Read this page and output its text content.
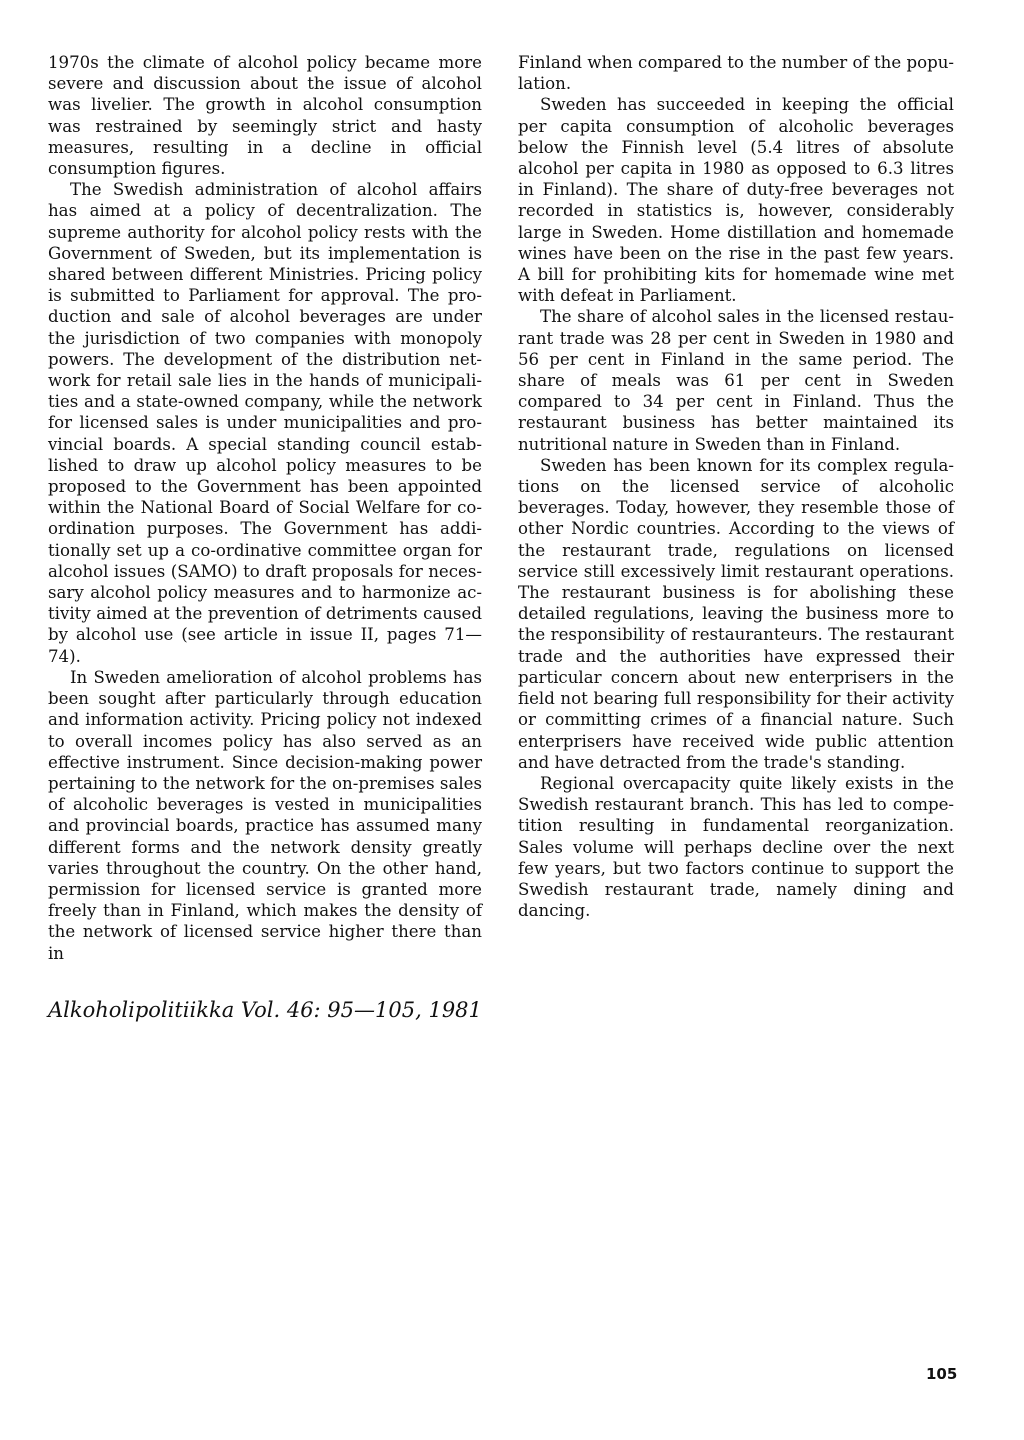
1970s the climate of alcohol policy became more severe and discussion about the issue of alcohol was livelier. The growth in alcohol consumption was restrained by seemingly strict and hasty measures, resulting in a decline in official consumption figures.

The Swedish administration of alcohol affairs has aimed at a policy of decentralization. The supreme authority for alcohol policy rests with the Government of Sweden, but its implementation is shared between different Ministries. Pricing policy is submitted to Parliament for approval. The production and sale of alcohol beverages are under the jurisdiction of two companies with monopoly powers. The development of the distribution network for retail sale lies in the hands of municipalities and a state-owned company, while the network for licensed sales is under municipalities and provincial boards. A special standing council established to draw up alcohol policy measures to be proposed to the Government has been appointed within the National Board of Social Welfare for coordination purposes. The Government has additionally set up a co-ordinative committee organ for alcohol issues (SAMO) to draft proposals for necessary alcohol policy measures and to harmonize activity aimed at the prevention of detriments caused by alcohol use (see article in issue II, pages 71—74).

In Sweden amelioration of alcohol problems has been sought after particularly through education and information activity. Pricing policy not indexed to overall incomes policy has also served as an effective instrument. Since decision-making power pertaining to the network for the on-premises sales of alcoholic beverages is vested in municipalities and provincial boards, practice has assumed many different forms and the network density greatly varies throughout the country. On the other hand, permission for licensed service is granted more freely than in Finland, which makes the density of the network of licensed service higher there than in

Finland when compared to the number of the population.

Sweden has succeeded in keeping the official per capita consumption of alcoholic beverages below the Finnish level (5.4 litres of absolute alcohol per capita in 1980 as opposed to 6.3 litres in Finland). The share of duty-free beverages not recorded in statistics is, however, considerably large in Sweden. Home distillation and homemade wines have been on the rise in the past few years. A bill for prohibiting kits for homemade wine met with defeat in Parliament.

The share of alcohol sales in the licensed restaurant trade was 28 per cent in Sweden in 1980 and 56 per cent in Finland in the same period. The share of meals was 61 per cent in Sweden compared to 34 per cent in Finland. Thus the restaurant business has better maintained its nutritional nature in Sweden than in Finland.

Sweden has been known for its complex regulations on the licensed service of alcoholic beverages. Today, however, they resemble those of other Nordic countries. According to the views of the restaurant trade, regulations on licensed service still excessively limit restaurant operations. The restaurant business is for abolishing these detailed regulations, leaving the business more to the responsibility of restauranteurs. The restaurant trade and the authorities have expressed their particular concern about new enterprisers in the field not bearing full responsibility for their activity or committing crimes of a financial nature. Such enterprisers have received wide public attention and have detracted from the trade's standing.

Regional overcapacity quite likely exists in the Swedish restaurant branch. This has led to competition resulting in fundamental reorganization. Sales volume will perhaps decline over the next few years, but two factors continue to support the Swedish restaurant trade, namely dining and dancing.

Alkoholipolitiikka Vol. 46: 95—105, 1981
105
